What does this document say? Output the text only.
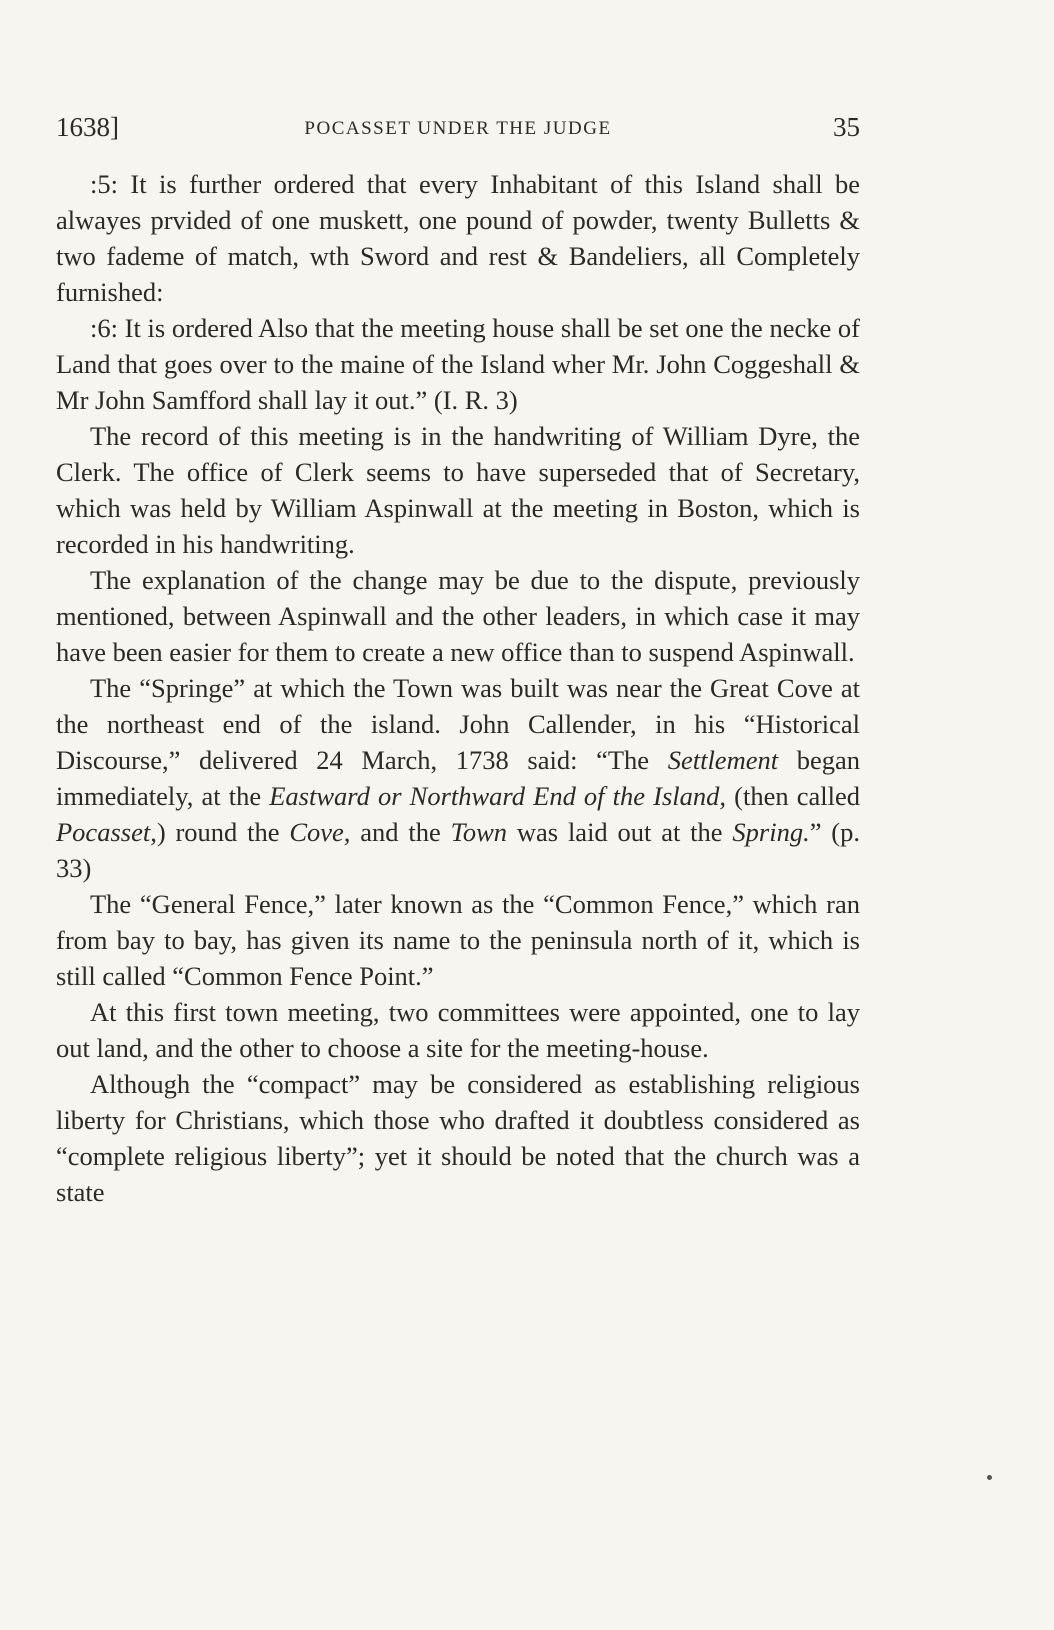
1638]	POCASSET UNDER THE JUDGE	35

:5: It is further ordered that every Inhabitant of this Island shall be alwayes prvided of one muskett, one pound of powder, twenty Bulletts & two fademe of match, wth Sword and rest & Bandeliers, all Completely furnished:

:6: It is ordered Also that the meeting house shall be set one the necke of Land that goes over to the maine of the Island wher Mr. John Coggeshall & Mr John Samfford shall lay it out.” (I. R. 3)

The record of this meeting is in the handwriting of William Dyre, the Clerk. The office of Clerk seems to have superseded that of Secretary, which was held by William Aspinwall at the meeting in Boston, which is recorded in his handwriting.

The explanation of the change may be due to the dispute, previously mentioned, between Aspinwall and the other leaders, in which case it may have been easier for them to create a new office than to suspend Aspinwall.

The “Springe” at which the Town was built was near the Great Cove at the northeast end of the island. John Callender, in his “Historical Discourse,” delivered 24 March, 1738 said: “The Settlement began immediately, at the Eastward or Northward End of the Island, (then called Pocasset,) round the Cove, and the Town was laid out at the Spring.” (p. 33)

The “General Fence,” later known as the “Common Fence,” which ran from bay to bay, has given its name to the peninsula north of it, which is still called “Common Fence Point.”

At this first town meeting, two committees were appointed, one to lay out land, and the other to choose a site for the meeting-house.

Although the “compact” may be considered as establishing religious liberty for Christians, which those who drafted it doubtless considered as “complete religious liberty”; yet it should be noted that the church was a state
